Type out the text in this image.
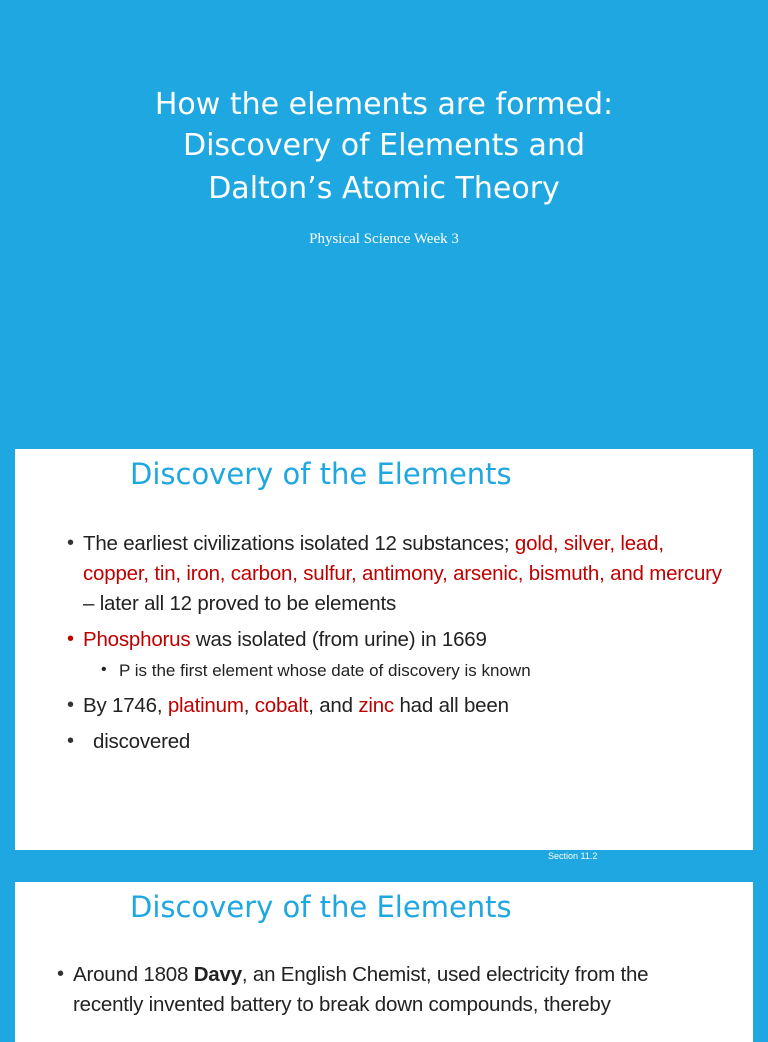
How the elements are formed:
Discovery of Elements and
Dalton’s Atomic Theory
Physical Science Week 3
Discovery of the Elements
• The earliest civilizations isolated 12 substances; gold, silver, lead, copper, tin, iron, carbon, sulfur, antimony, arsenic, bismuth, and mercury – later all 12 proved to be elements
• Phosphorus was isolated (from urine) in 1669
• P is the first element whose date of discovery is known
• By 1746, platinum, cobalt, and zinc had all been
• discovered
Section 11.2
Discovery of the Elements
• Around 1808 Davy, an English Chemist, used electricity from the recently invented battery to break down compounds, thereby
